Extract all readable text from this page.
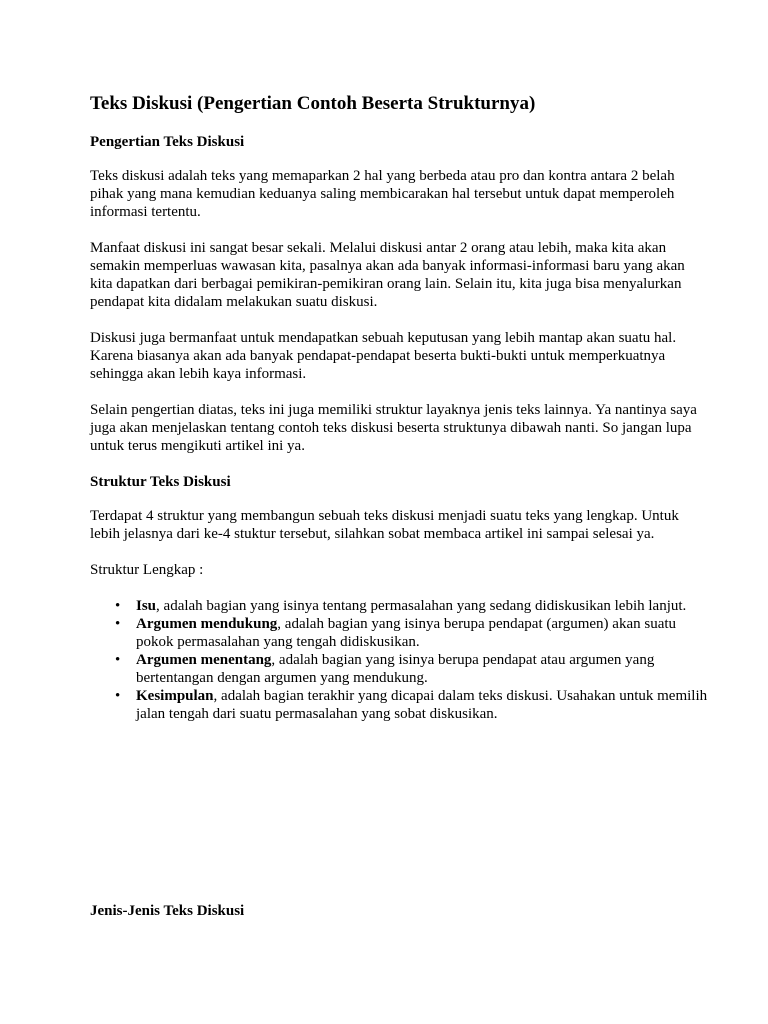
Teks Diskusi (Pengertian Contoh Beserta Strukturnya)
Pengertian Teks Diskusi

Teks diskusi adalah teks yang memaparkan 2 hal yang berbeda atau pro dan kontra antara 2 belah pihak yang mana kemudian keduanya saling membicarakan hal tersebut untuk dapat memperoleh informasi tertentu.

Manfaat diskusi ini sangat besar sekali. Melalui diskusi antar 2 orang atau lebih, maka kita akan semakin memperluas wawasan kita, pasalnya akan ada banyak informasi-informasi baru yang akan kita dapatkan dari berbagai pemikiran-pemikiran orang lain. Selain itu, kita juga bisa menyalurkan pendapat kita didalam melakukan suatu diskusi.

Diskusi juga bermanfaat untuk mendapatkan sebuah keputusan yang lebih mantap akan suatu hal. Karena biasanya akan ada banyak pendapat-pendapat beserta bukti-bukti untuk memperkuatnya sehingga akan lebih kaya informasi.

Selain pengertian diatas, teks ini juga memiliki struktur layaknya jenis teks lainnya. Ya nantinya saya juga akan menjelaskan tentang contoh teks diskusi beserta struktunya dibawah nanti. So jangan lupa untuk terus mengikuti artikel ini ya.

Struktur Teks Diskusi

Terdapat 4 struktur yang membangun sebuah teks diskusi menjadi suatu teks yang lengkap. Untuk lebih jelasnya dari ke-4 stuktur tersebut, silahkan sobat membaca artikel ini sampai selesai ya.

Struktur Lengkap :

• Isu, adalah bagian yang isinya tentang permasalahan yang sedang didiskusikan lebih lanjut.
• Argumen mendukung, adalah bagian yang isinya berupa pendapat (argumen) akan suatu pokok permasalahan yang tengah didiskusikan.
• Argumen menentang, adalah bagian yang isinya berupa pendapat atau argumen yang bertentangan dengan argumen yang mendukung.
• Kesimpulan, adalah bagian terakhir yang dicapai dalam teks diskusi. Usahakan untuk memilih jalan tengah dari suatu permasalahan yang sobat diskusikan.
Jenis-Jenis Teks Diskusi
